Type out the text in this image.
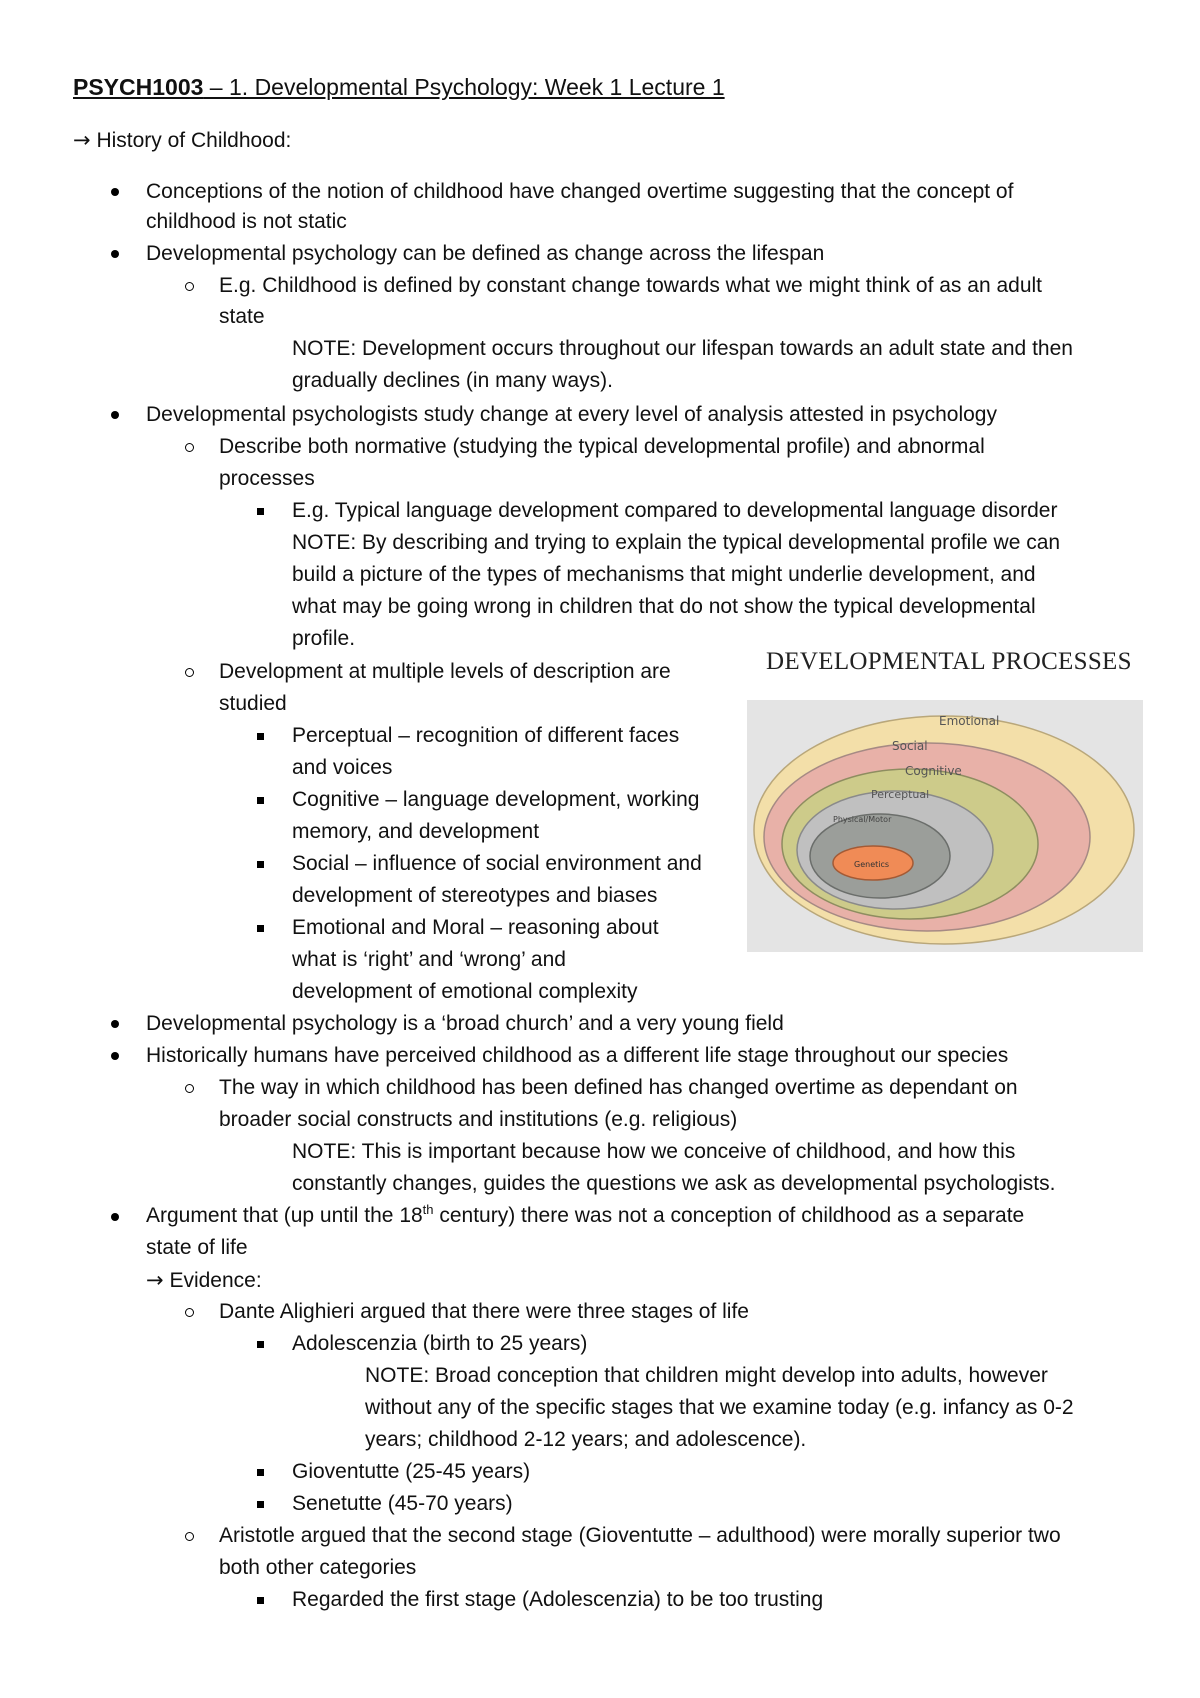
PSYCH1003 – 1. Developmental Psychology: Week 1 Lecture 1
→ History of Childhood:
Conceptions of the notion of childhood have changed overtime suggesting that the concept of
childhood is not static
Developmental psychology can be defined as change across the lifespan
E.g. Childhood is defined by constant change towards what we might think of as an adult
state
NOTE: Development occurs throughout our lifespan towards an adult state and then
gradually declines (in many ways).
Developmental psychologists study change at every level of analysis attested in psychology
Describe both normative (studying the typical developmental profile) and abnormal
processes
E.g. Typical language development compared to developmental language disorder
NOTE: By describing and trying to explain the typical developmental profile we can
build a picture of the types of mechanisms that might underlie development, and
what may be going wrong in children that do not show the typical developmental
profile.
Development at multiple levels of description are
studied
Perceptual – recognition of different faces
and voices
Cognitive – language development, working
memory, and development
Social – influence of social environment and
development of stereotypes and biases
Emotional and Moral – reasoning about
what is ‘right’ and ‘wrong’ and
development of emotional complexity
DEVELOPMENTAL PROCESSES
Emotional
Social
Cognitive
Perceptual
Physical/Motor
Genetics
Developmental psychology is a ‘broad church’ and a very young field
Historically humans have perceived childhood as a different life stage throughout our species
The way in which childhood has been defined has changed overtime as dependant on
broader social constructs and institutions (e.g. religious)
NOTE: This is important because how we conceive of childhood, and how this
constantly changes, guides the questions we ask as developmental psychologists.
Argument that (up until the 18th century) there was not a conception of childhood as a separate
state of life
→ Evidence:
Dante Alighieri argued that there were three stages of life
Adolescenzia (birth to 25 years)
NOTE: Broad conception that children might develop into adults, however
without any of the specific stages that we examine today (e.g. infancy as 0-2
years; childhood 2-12 years; and adolescence).
Gioventutte (25-45 years)
Senetutte (45-70 years)
Aristotle argued that the second stage (Gioventutte – adulthood) were morally superior two
both other categories
Regarded the first stage (Adolescenzia) to be too trusting
